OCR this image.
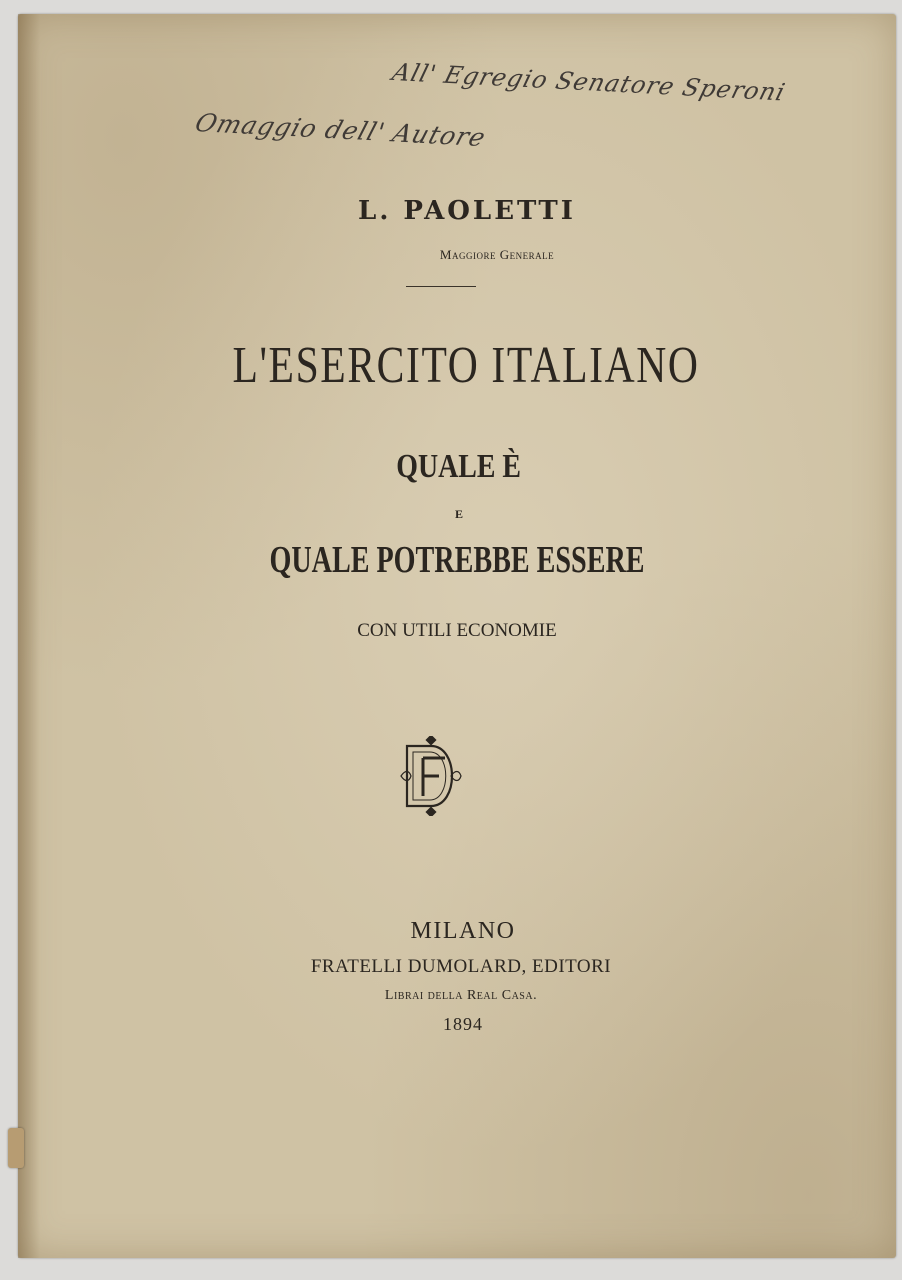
All' Egregio Senatore Speroni
Omaggio dell' Autore
L. PAOLETTI
Maggiore Generale
L'ESERCITO ITALIANO
QUALE È
E
QUALE POTREBBE ESSERE
CON UTILI ECONOMIE
FD
MILANO
FRATELLI DUMOLARD, EDITORI
Librai della Real Casa.
1894
